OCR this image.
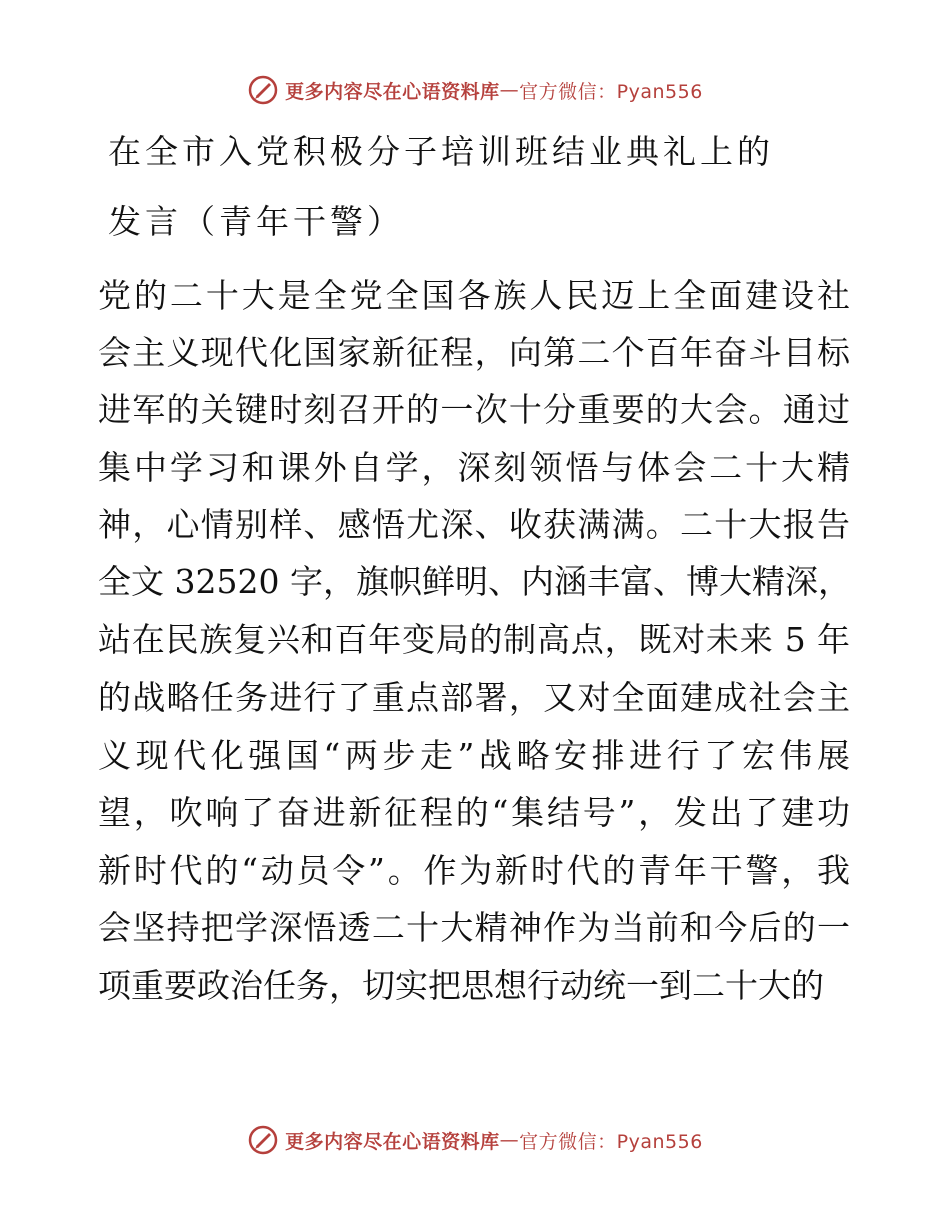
更多内容尽在心语资料库 — 官方微信：Pyan556
在全市入党积极分子培训班结业典礼上的
发言（青年干警）
党的二十大是全党全国各族人民迈上全面建设社
会主义现代化国家新征程，向第二个百年奋斗目标
进军的关键时刻召开的一次十分重要的大会。通过
集中学习和课外自学，深刻领悟与体会二十大精
神，心情别样、感悟尤深、收获满满。二十大报告
全文 32520 字，旗帜鲜明、内涵丰富、博大精深，
站在民族复兴和百年变局的制高点，既对未来 5 年
的战略任务进行了重点部署，又对全面建成社会主
义现代化强国“两步走”战略安排进行了宏伟展
望，吹响了奋进新征程的“集结号”，发出了建功
新时代的“动员令”。作为新时代的青年干警，我
会坚持把学深悟透二十大精神作为当前和今后的一
项重要政治任务，切实把思想行动统一到二十大的
更多内容尽在心语资料库 — 官方微信：Pyan556
